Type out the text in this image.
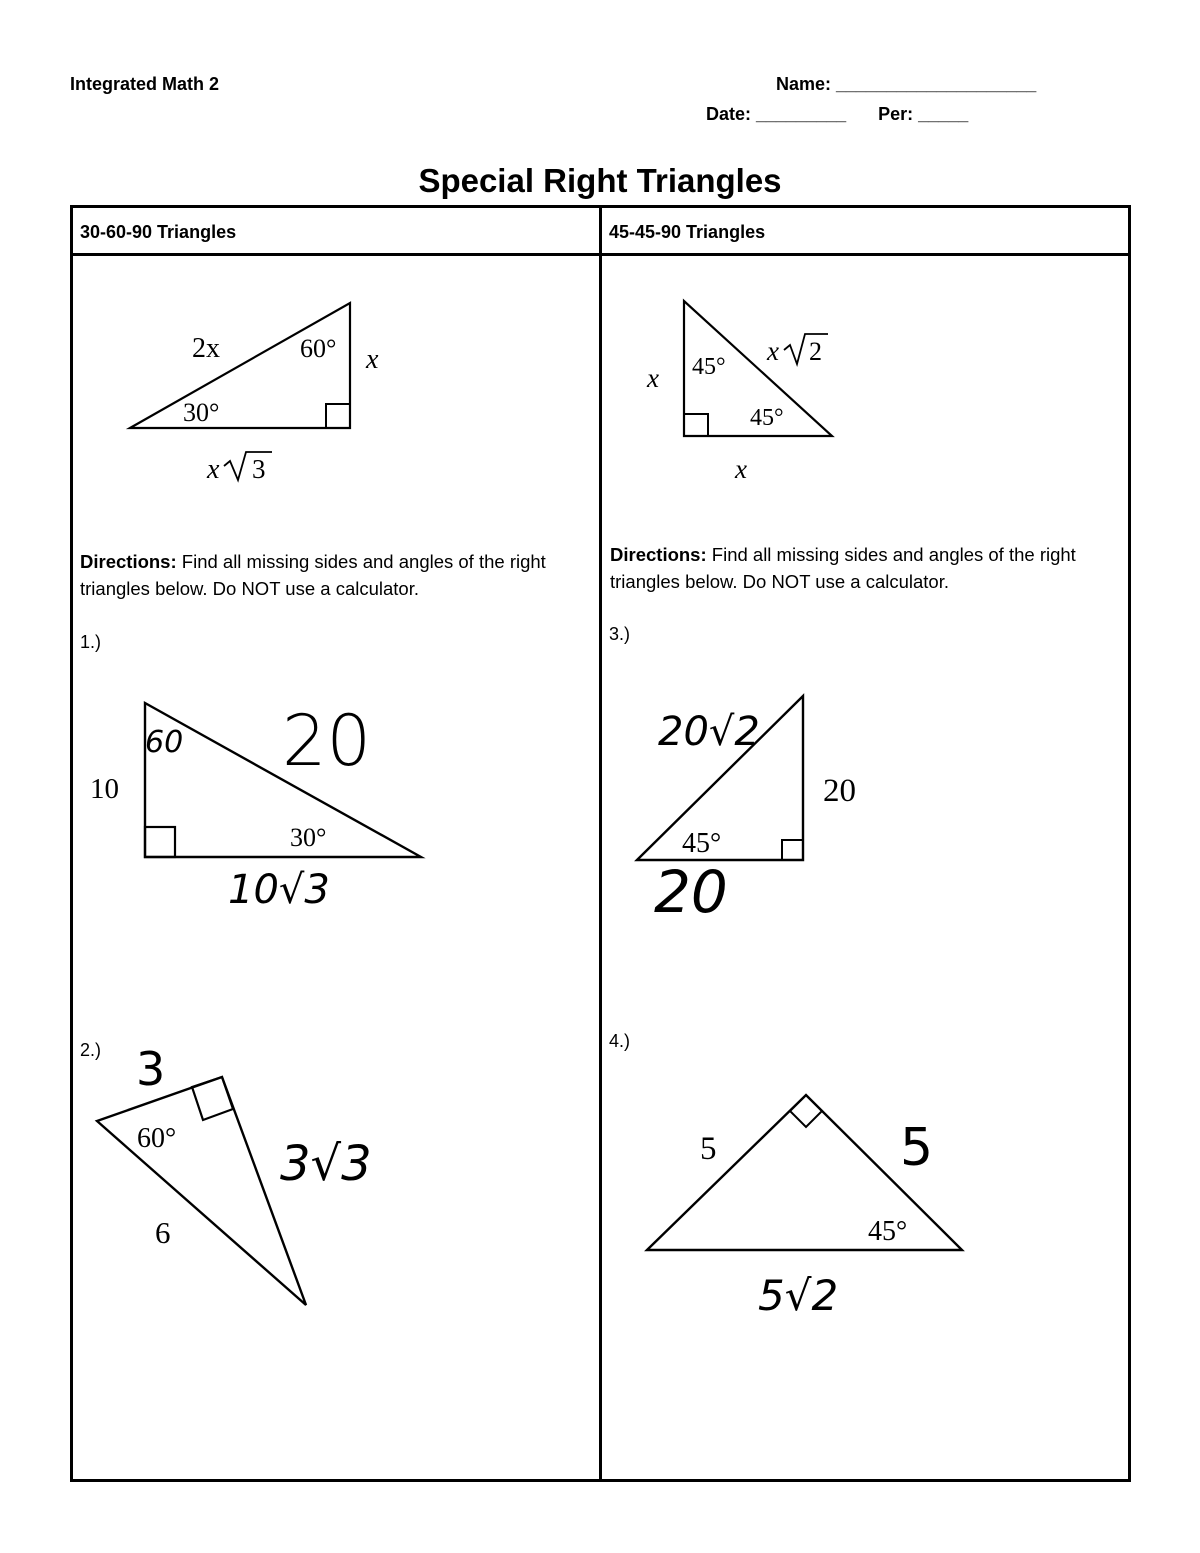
Integrated Math 2	Name: ____________________
Date: _________ Per: _____
Special Right Triangles
30-60-90 Triangles	45-45-90 Triangles
Directions: Find all missing sides and angles of the right triangles below. Do NOT use a calculator.
Directions: Find all missing sides and angles of the right triangles below. Do NOT use a calculator.
1.)
2.)
3.)
4.)
2x	60° x
30°
x 3
45°
45°
x
x
x 2
10
30°
60 20
10√3
60°
6
3
3√3
20
45°
20√2
20
5
45°
5
5√2
